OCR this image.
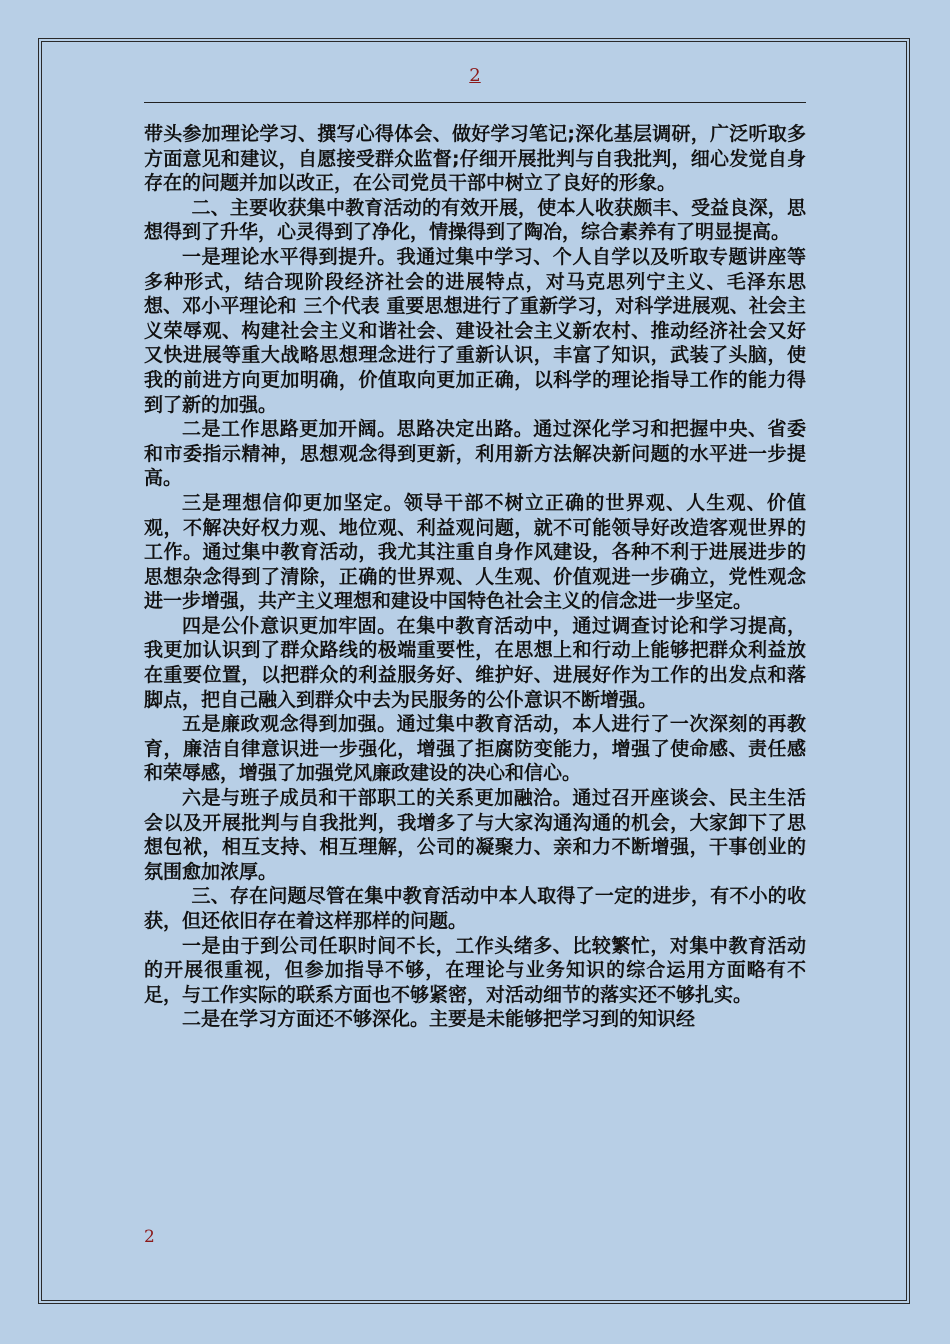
2

带头参加理论学习、撰写心得体会、做好学习笔记;深化基层调研，广泛听取多方面意见和建议，自愿接受群众监督;仔细开展批判与自我批判，细心发觉自身存在的问题并加以改正，在公司党员干部中树立了良好的形象。

二、主要收获集中教育活动的有效开展，使本人收获颇丰、受益良深，思想得到了升华，心灵得到了净化，情操得到了陶冶，综合素养有了明显提高。

一是理论水平得到提升。我通过集中学习、个人自学以及听取专题讲座等多种形式，结合现阶段经济社会的进展特点，对马克思列宁主义、毛泽东思想、邓小平理论和 三个代表 重要思想进行了重新学习，对科学进展观、社会主义荣辱观、构建社会主义和谐社会、建设社会主义新农村、推动经济社会又好又快进展等重大战略思想理念进行了重新认识，丰富了知识，武装了头脑，使我的前进方向更加明确，价值取向更加正确，以科学的理论指导工作的能力得到了新的加强。

二是工作思路更加开阔。思路决定出路。通过深化学习和把握中央、省委和市委指示精神，思想观念得到更新，利用新方法解决新问题的水平进一步提高。

三是理想信仰更加坚定。领导干部不树立正确的世界观、人生观、价值观，不解决好权力观、地位观、利益观问题，就不可能领导好改造客观世界的工作。通过集中教育活动，我尤其注重自身作风建设，各种不利于进展进步的思想杂念得到了清除，正确的世界观、人生观、价值观进一步确立，党性观念进一步增强，共产主义理想和建设中国特色社会主义的信念进一步坚定。

四是公仆意识更加牢固。在集中教育活动中，通过调查讨论和学习提高，我更加认识到了群众路线的极端重要性，在思想上和行动上能够把群众利益放在重要位置，以把群众的利益服务好、维护好、进展好作为工作的出发点和落脚点，把自己融入到群众中去为民服务的公仆意识不断增强。

五是廉政观念得到加强。通过集中教育活动，本人进行了一次深刻的再教育，廉洁自律意识进一步强化，增强了拒腐防变能力，增强了使命感、责任感和荣辱感，增强了加强党风廉政建设的决心和信心。

六是与班子成员和干部职工的关系更加融洽。通过召开座谈会、民主生活会以及开展批判与自我批判，我增多了与大家沟通沟通的机会，大家卸下了思想包袱，相互支持、相互理解，公司的凝聚力、亲和力不断增强，干事创业的氛围愈加浓厚。

三、存在问题尽管在集中教育活动中本人取得了一定的进步，有不小的收获，但还依旧存在着这样那样的问题。

一是由于到公司任职时间不长，工作头绪多、比较繁忙，对集中教育活动的开展很重视，但参加指导不够，在理论与业务知识的综合运用方面略有不足，与工作实际的联系方面也不够紧密，对活动细节的落实还不够扎实。

二是在学习方面还不够深化。主要是未能够把学习到的知识经

2
